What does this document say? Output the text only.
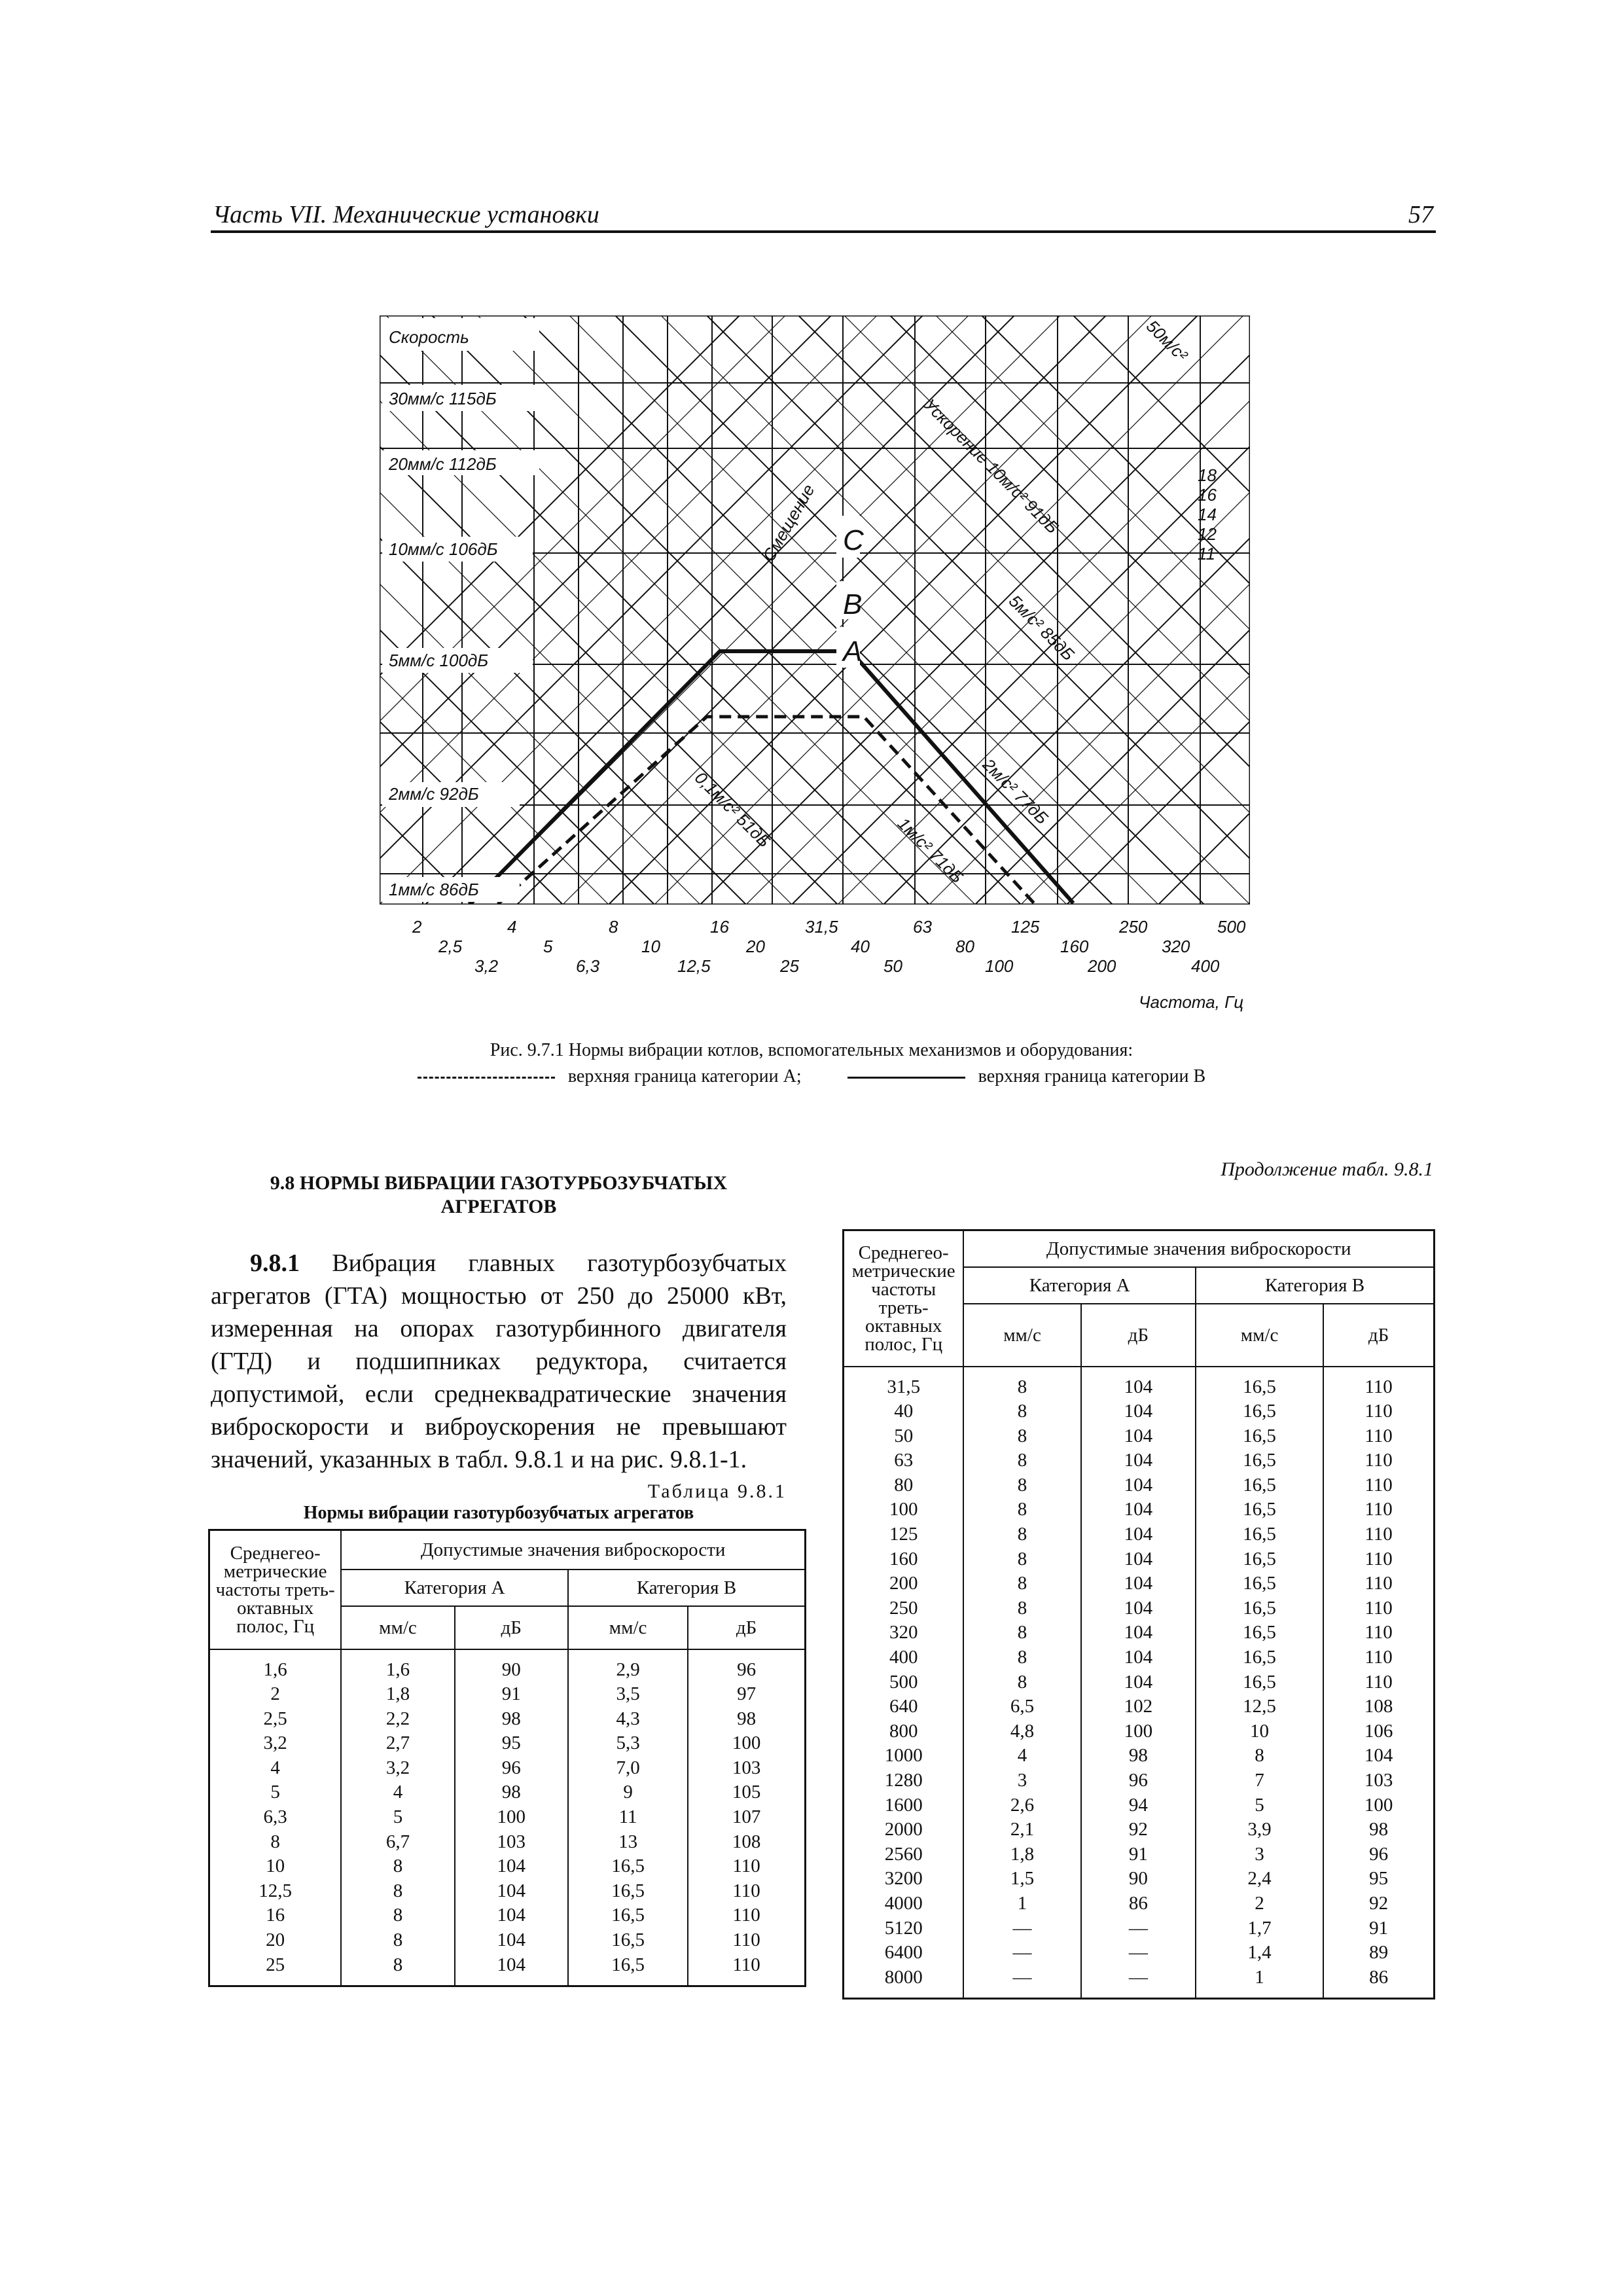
Часть VII. Механические установки	57
Скорость
30мм/с 115дБ
20мм/с 112дБ
10мм/с 106дБ
5мм/с 100дБ
2мм/с 92дБ
1мм/с 86дБ
C
B
A
18
16
14
12
11
Смещение	Ускорение 10м/с² 91дБ
2м/с² 77дБ
5м/с² 85дБ
0,1м/с² 51дБ	1м/с² 71дБ
50м/с²
2	4	8	16	31,5	63	125	250	500
2,5	5	10	20	40	80	160	320
3,2	6,3	12,5	25	50	100	200	400
Частота, Гц
Рис. 9.7.1 Нормы вибрации котлов, вспомогательных механизмов и оборудования:
верхняя граница категории А;	верхняя граница категории В
9.8 НОРМЫ ВИБРАЦИИ ГАЗОТУРБОЗУБЧАТЫХ АГРЕГАТОВ
9.8.1 Вибрация главных газотурбозубчатых агрегатов (ГТА) мощностью от 250 до 25000 кВт, измеренная на опорах газотурбинного двигателя (ГТД) и подшипниках редуктора, считается допустимой, если среднеквадратические значения виброскорости и виброускорения не превышают значений, указанных в табл. 9.8.1 и на рис. 9.8.1-1.
Таблица 9.8.1
Нормы вибрации газотурбозубчатых агрегатов
Среднегео-метрические частоты треть-октавных полос, Гц	Допустимые значения виброскорости			
	Категория А		Категория В	
	мм/с	дБ	мм/с	дБ
1,6	1,6	90	2,9	96
2	1,8	91	3,5	97
2,5	2,2	98	4,3	98
3,2	2,7	95	5,3	100
4	3,2	96	7,0	103
5	4	98	9	105
6,3	5	100	11	107
8	6,7	103	13	108
10	8	104	16,5	110
12,5	8	104	16,5	110
16	8	104	16,5	110
20	8	104	16,5	110
25	8	104	16,5	110
Продолжение табл. 9.8.1
Среднегео-метрические частоты треть-октавных полос, Гц	Допустимые значения виброскорости			
	Категория А		Категория В	
	мм/с	дБ	мм/с	дБ
31,5	8	104	16,5	110
40	8	104	16,5	110
50	8	104	16,5	110
63	8	104	16,5	110
80	8	104	16,5	110
100	8	104	16,5	110
125	8	104	16,5	110
160	8	104	16,5	110
200	8	104	16,5	110
250	8	104	16,5	110
320	8	104	16,5	110
400	8	104	16,5	110
500	8	104	16,5	110
640	6,5	102	12,5	108
800	4,8	100	10	106
1000	4	98	8	104
1280	3	96	7	103
1600	2,6	94	5	100
2000	2,1	92	3,9	98
2560	1,8	91	3	96
3200	1,5	90	2,4	95
4000	1	86	2	92
5120	—	—	1,7	91
6400	—	—	1,4	89
8000	—	—	1	86
